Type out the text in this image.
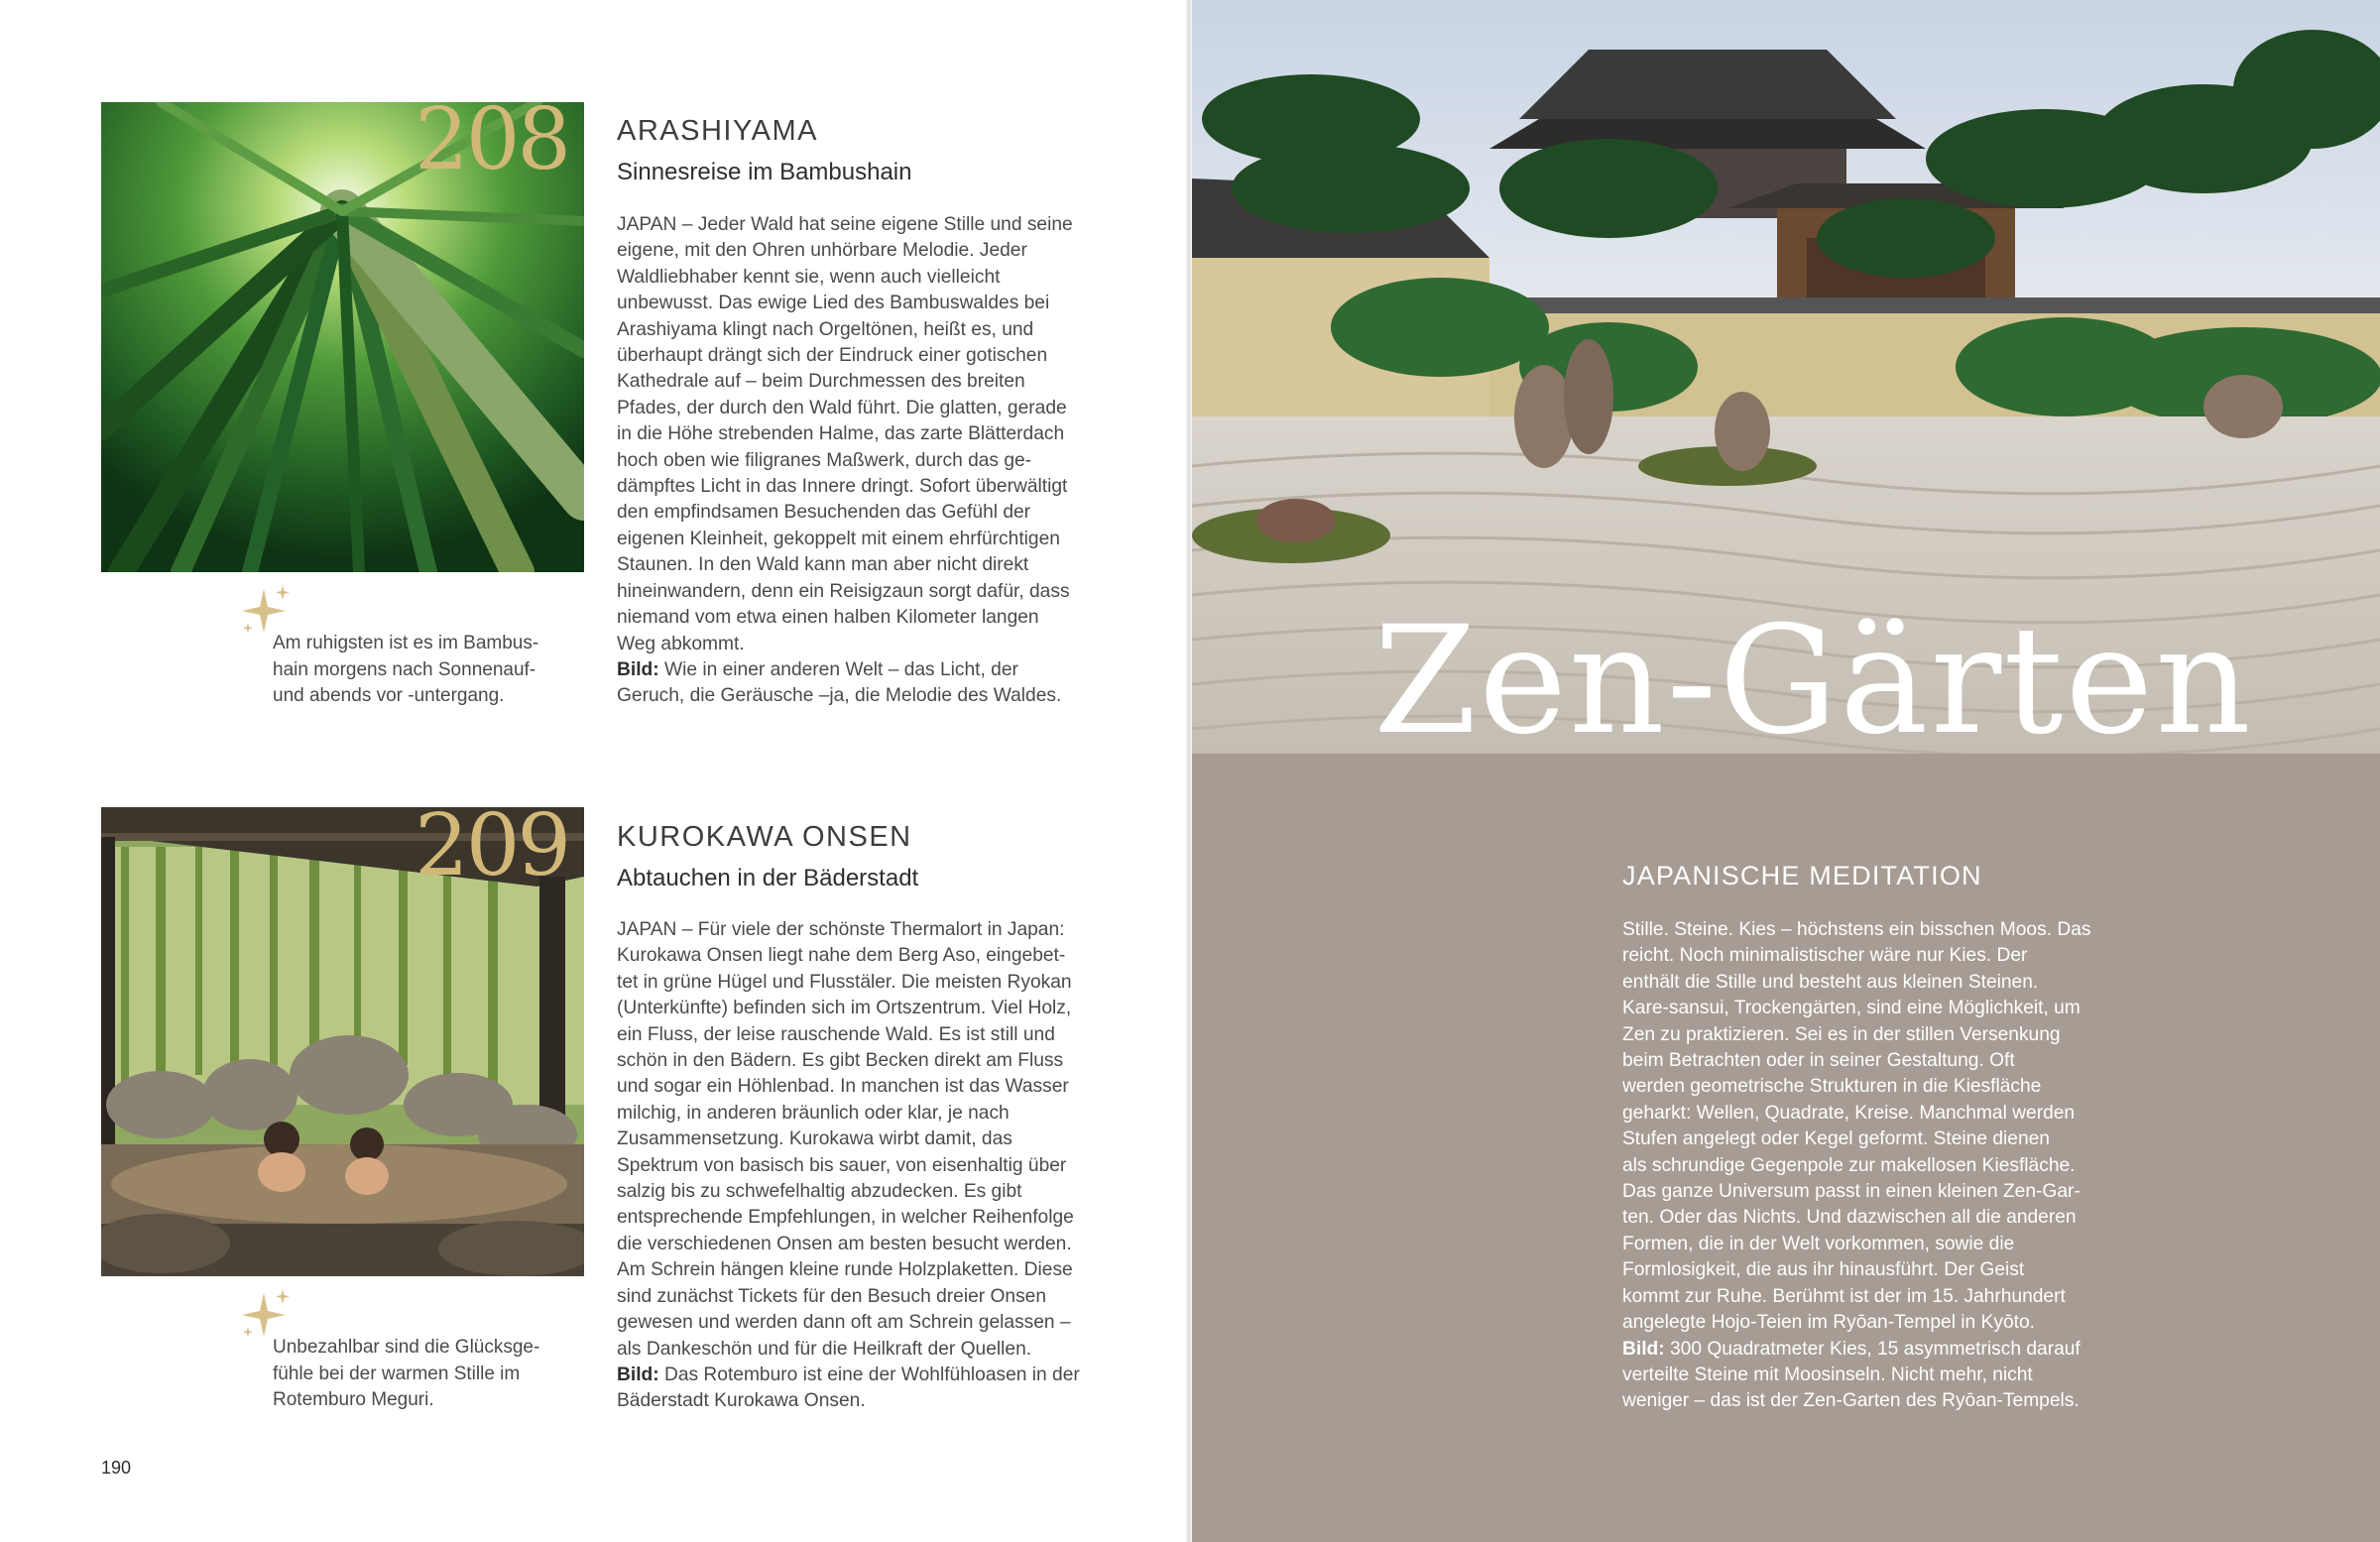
208 ARASHIYAMA
Sinnesreise im Bambushain
JAPAN – Jeder Wald hat seine eigene Stille und seine
eigene, mit den Ohren unhörbare Melodie. Jeder
Waldliebhaber kennt sie, wenn auch vielleicht
unbewusst. Das ewige Lied des Bambuswaldes bei
Arashiyama klingt nach Orgeltönen, heißt es, und
überhaupt drängt sich der Eindruck einer gotischen
Kathedrale auf – beim Durchmessen des breiten
Pfades, der durch den Wald führt. Die glatten, gerade
in die Höhe strebenden Halme, das zarte Blätterdach
hoch oben wie filigranes Maßwerk, durch das ge-
dämpftes Licht in das Innere dringt. Sofort überwältigt
den empfindsamen Besuchenden das Gefühl der
eigenen Kleinheit, gekoppelt mit einem ehrfürchtigen
Staunen. In den Wald kann man aber nicht direkt
hineinwandern, denn ein Reisigzaun sorgt dafür, dass
niemand vom etwa einen halben Kilometer langen
Weg abkommt.
Bild: Wie in einer anderen Welt – das Licht, der
Geruch, die Geräusche –ja, die Melodie des Waldes.
Am ruhigsten ist es im Bambus-
hain morgens nach Sonnenauf-
und abends vor -untergang.
209 KUROKAWA ONSEN
Abtauchen in der Bäderstadt
JAPAN – Für viele der schönste Thermalort in Japan:
Kurokawa Onsen liegt nahe dem Berg Aso, eingebet-
tet in grüne Hügel und Flusstäler. Die meisten Ryokan
(Unterkünfte) befinden sich im Ortszentrum. Viel Holz,
ein Fluss, der leise rauschende Wald. Es ist still und
schön in den Bädern. Es gibt Becken direkt am Fluss
und sogar ein Höhlenbad. In manchen ist das Wasser
milchig, in anderen bräunlich oder klar, je nach
Zusammensetzung. Kurokawa wirbt damit, das
Spektrum von basisch bis sauer, von eisenhaltig über
salzig bis zu schwefelhaltig abzudecken. Es gibt
entsprechende Empfehlungen, in welcher Reihenfolge
die verschiedenen Onsen am besten besucht werden.
Am Schrein hängen kleine runde Holzplaketten. Diese
sind zunächst Tickets für den Besuch dreier Onsen
gewesen und werden dann oft am Schrein gelassen –
als Dankeschön und für die Heilkraft der Quellen.
Bild: Das Rotemburo ist eine der Wohlfühloasen in der
Bäderstadt Kurokawa Onsen.
Unbezahlbar sind die Glücksge-
fühle bei der warmen Stille im
Rotemburo Meguri.
190
Zen-Gärten
JAPANISCHE MEDITATION
Stille. Steine. Kies – höchstens ein bisschen Moos. Das
reicht. Noch minimalistischer wäre nur Kies. Der
enthält die Stille und besteht aus kleinen Steinen.
Kare-sansui, Trockengärten, sind eine Möglichkeit, um
Zen zu praktizieren. Sei es in der stillen Versenkung
beim Betrachten oder in seiner Gestaltung. Oft
werden geometrische Strukturen in die Kiesfläche
geharkt: Wellen, Quadrate, Kreise. Manchmal werden
Stufen angelegt oder Kegel geformt. Steine dienen
als schrundige Gegenpole zur makellosen Kiesfläche.
Das ganze Universum passt in einen kleinen Zen-Gar-
ten. Oder das Nichts. Und dazwischen all die anderen
Formen, die in der Welt vorkommen, sowie die
Formlosigkeit, die aus ihr hinausführt. Der Geist
kommt zur Ruhe. Berühmt ist der im 15. Jahrhundert
angelegte Hojo-Teien im Ryōan-Tempel in Kyōto.
Bild: 300 Quadratmeter Kies, 15 asymmetrisch darauf
verteilte Steine mit Moosinseln. Nicht mehr, nicht
weniger – das ist der Zen-Garten des Ryōan-Tempels.
